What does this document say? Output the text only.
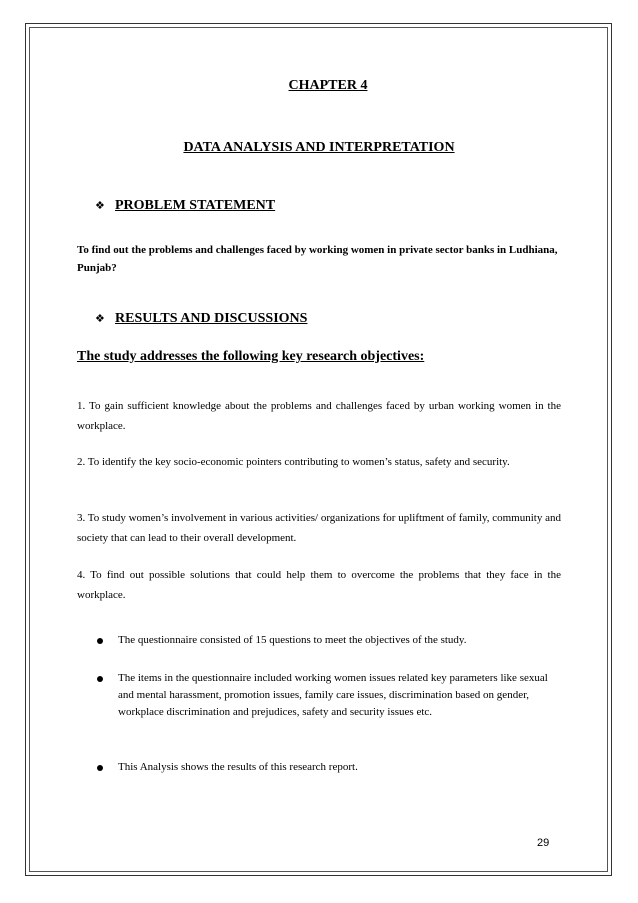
CHAPTER 4
DATA ANALYSIS AND INTERPRETATION
❖ PROBLEM STATEMENT
To find out the problems and challenges faced by working women in private sector banks in Ludhiana, Punjab?
❖ RESULTS AND DISCUSSIONS
The study addresses the following key research objectives:
1. To gain sufficient knowledge about the problems and challenges faced by urban working women in the workplace.
2. To identify the key socio-economic pointers contributing to women’s status, safety and security.
3. To study women’s involvement in various activities/ organizations for upliftment of family, community and society that can lead to their overall development.
4. To find out possible solutions that could help them to overcome the problems that they face in the workplace.
The questionnaire consisted of 15 questions to meet the objectives of the study.
The items in the questionnaire included working women issues related key parameters like sexual and mental harassment, promotion issues, family care issues, discrimination based on gender, workplace discrimination and prejudices, safety and security issues etc.
This Analysis shows the results of this research report.
29
